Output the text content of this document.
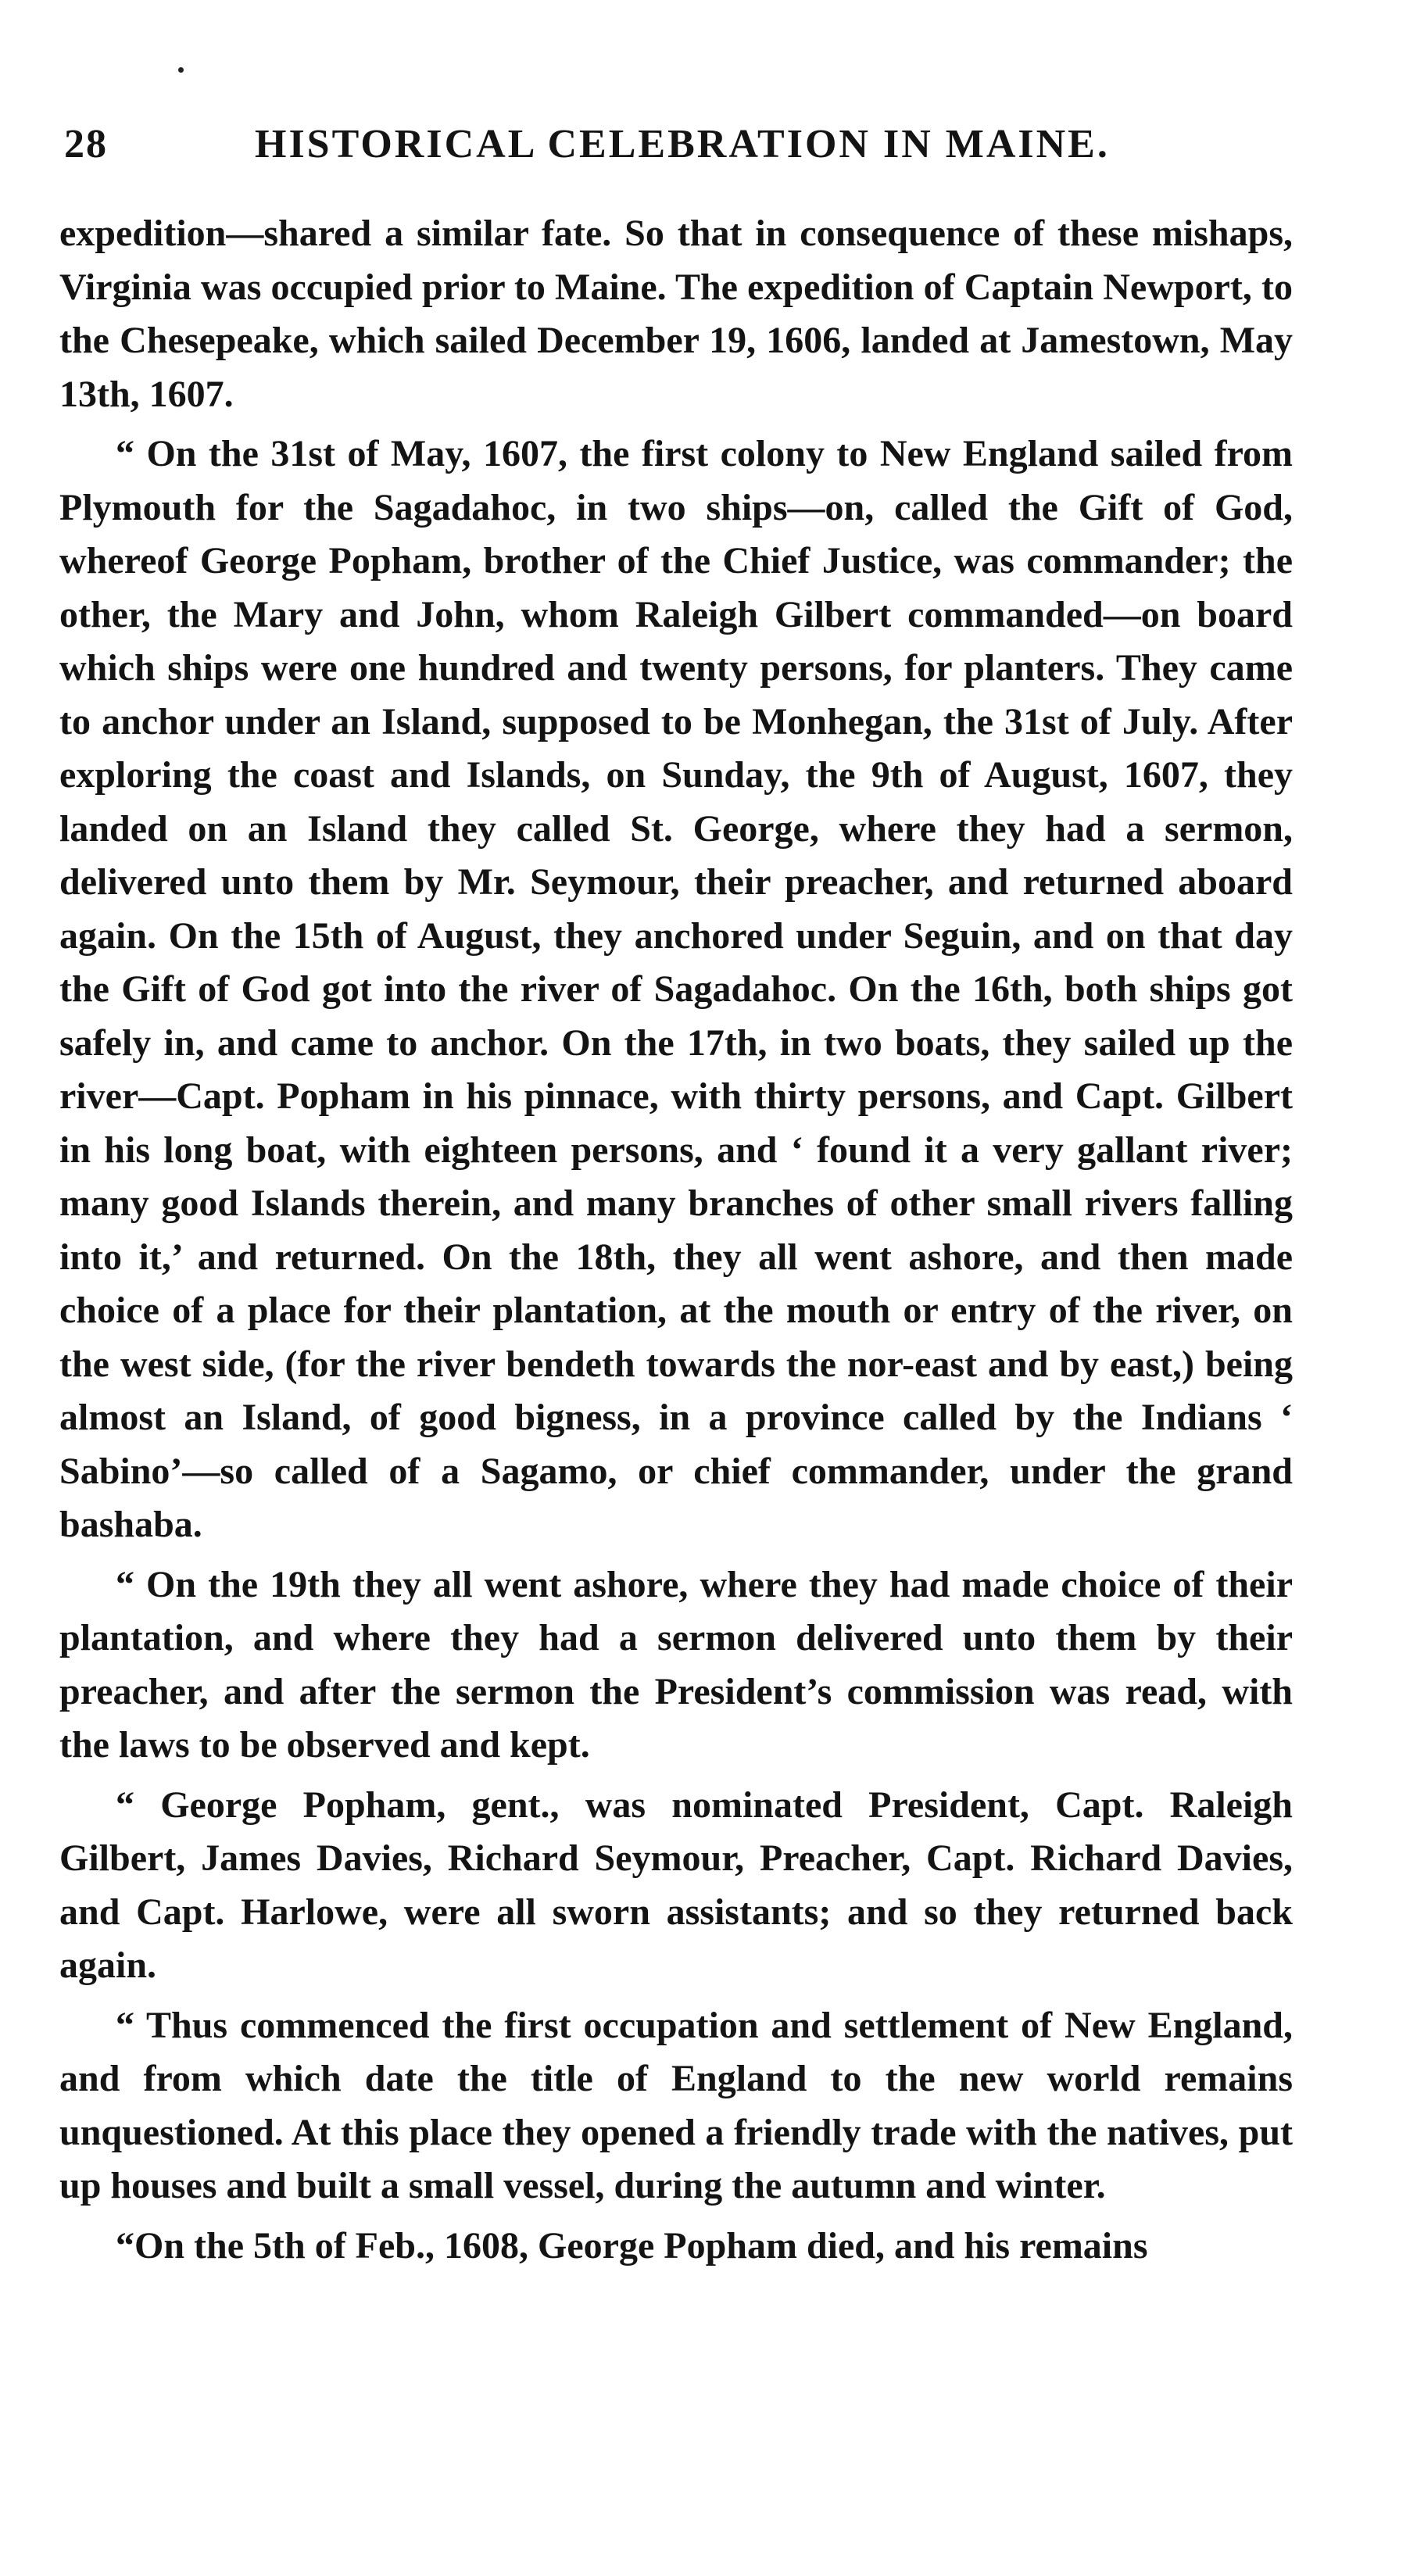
28	HISTORICAL CELEBRATION IN MAINE.

expedition—shared a similar fate. So that in consequence of these mishaps, Virginia was occupied prior to Maine. The expedition of Captain Newport, to the Chesepeake, which sailed December 19, 1606, landed at Jamestown, May 13th, 1607.

“ On the 31st of May, 1607, the first colony to New England sailed from Plymouth for the Sagadahoc, in two ships—on, called the Gift of God, whereof George Popham, brother of the Chief Justice, was commander; the other, the Mary and John, whom Raleigh Gilbert commanded—on board which ships were one hundred and twenty persons, for planters. They came to anchor under an Island, supposed to be Monhegan, the 31st of July. After exploring the coast and Islands, on Sunday, the 9th of August, 1607, they landed on an Island they called St. George, where they had a sermon, delivered unto them by Mr. Seymour, their preacher, and returned aboard again. On the 15th of August, they anchored under Seguin, and on that day the Gift of God got into the river of Sagadahoc. On the 16th, both ships got safely in, and came to anchor. On the 17th, in two boats, they sailed up the river—Capt. Popham in his pinnace, with thirty persons, and Capt. Gilbert in his long boat, with eighteen persons, and ‘ found it a very gallant river; many good Islands therein, and many branches of other small rivers falling into it,’ and returned. On the 18th, they all went ashore, and then made choice of a place for their plantation, at the mouth or entry of the river, on the west side, (for the river bendeth towards the nor-east and by east,) being almost an Island, of good bigness, in a province called by the Indians ‘ Sabino’—so called of a Sagamo, or chief commander, under the grand bashaba.

“ On the 19th they all went ashore, where they had made choice of their plantation, and where they had a sermon delivered unto them by their preacher, and after the sermon the President’s commission was read, with the laws to be observed and kept.

“ George Popham, gent., was nominated President, Capt. Raleigh Gilbert, James Davies, Richard Seymour, Preacher, Capt. Richard Davies, and Capt. Harlowe, were all sworn assistants; and so they returned back again.

“ Thus commenced the first occupation and settlement of New England, and from which date the title of England to the new world remains unquestioned. At this place they opened a friendly trade with the natives, put up houses and built a small vessel, during the autumn and winter.

“On the 5th of Feb., 1608, George Popham died, and his remains
